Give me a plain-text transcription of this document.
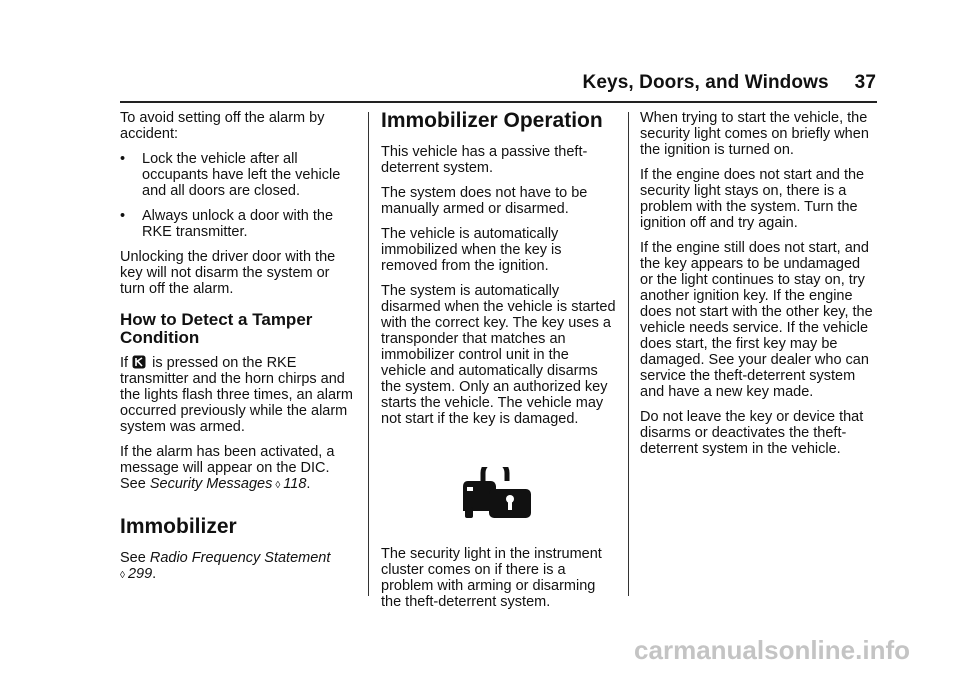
Keys, Doors, and Windows 37

To avoid setting off the alarm by accident:

•	Lock the vehicle after all occupants have left the vehicle and all doors are closed.
•	Always unlock a door with the RKE transmitter.

Unlocking the driver door with the key will not disarm the system or turn off the alarm.

How to Detect a Tamper Condition

If is pressed on the RKE transmitter and the horn chirps and the lights flash three times, an alarm occurred previously while the alarm system was armed.

If the alarm has been activated, a message will appear on the DIC. See Security Messages ◊ 118.

Immobilizer

See Radio Frequency Statement
◊ 299.

Immobilizer Operation

This vehicle has a passive theft-deterrent system.

The system does not have to be manually armed or disarmed.

The vehicle is automatically immobilized when the key is removed from the ignition.

The system is automatically disarmed when the vehicle is started with the correct key. The key uses a transponder that matches an immobilizer control unit in the vehicle and automatically disarms the system. Only an authorized key starts the vehicle. The vehicle may not start if the key is damaged.

The security light in the instrument cluster comes on if there is a problem with arming or disarming the theft-deterrent system.

When trying to start the vehicle, the security light comes on briefly when the ignition is turned on.

If the engine does not start and the security light stays on, there is a problem with the system. Turn the ignition off and try again.

If the engine still does not start, and the key appears to be undamaged or the light continues to stay on, try another ignition key. If the engine does not start with the other key, the vehicle needs service. If the vehicle does start, the first key may be damaged. See your dealer who can service the theft-deterrent system and have a new key made.

Do not leave the key or device that disarms or deactivates the theft-deterrent system in the vehicle.

carmanualsonline.info
